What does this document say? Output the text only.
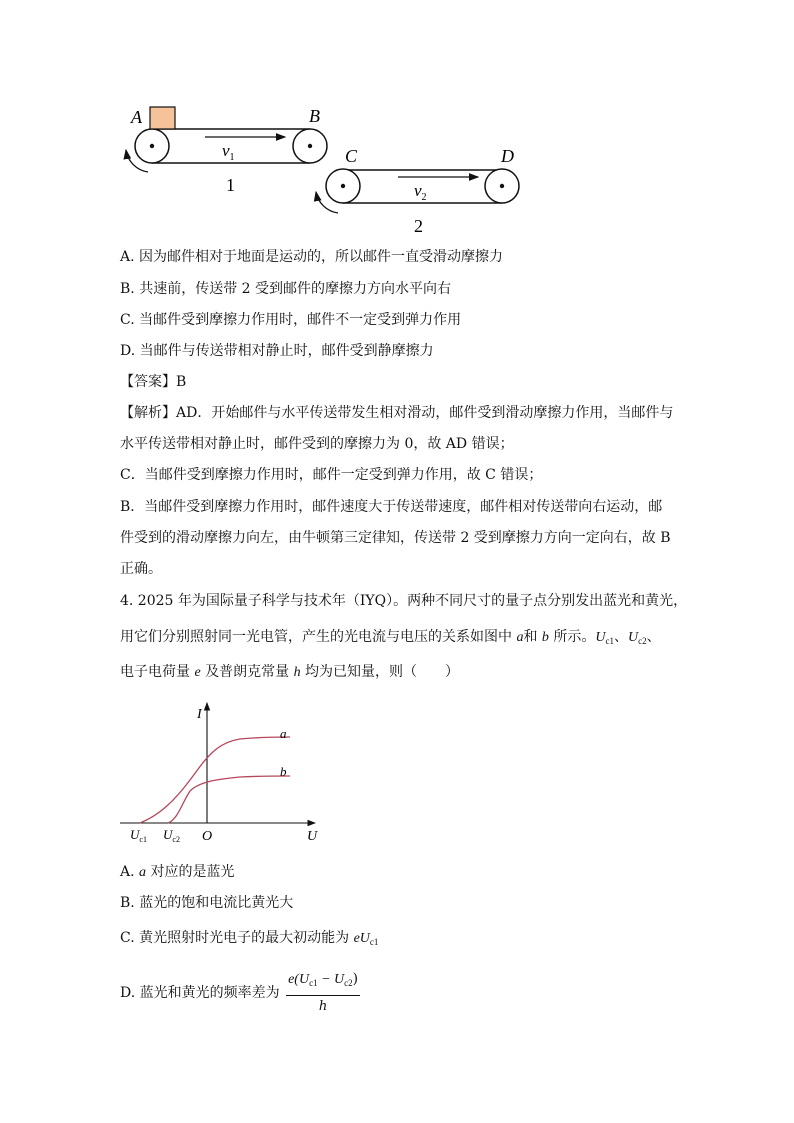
A	B
$v_1$
1
C	D
$v_2$
2
A. 因为邮件相对于地面是运动的，所以邮件一直受滑动摩擦力
B. 共速前，传送带 2 受到邮件的摩擦力方向水平向右
C. 当邮件受到摩擦力作用时，邮件不一定受到弹力作用
D. 当邮件与传送带相对静止时，邮件受到静摩擦力
【答案】B
【解析】AD．开始邮件与水平传送带发生相对滑动，邮件受到滑动摩擦力作用，当邮件与
水平传送带相对静止时，邮件受到的摩擦力为 0，故 AD 错误；
C．当邮件受到摩擦力作用时，邮件一定受到弹力作用，故 C 错误；
B．当邮件受到摩擦力作用时，邮件速度大于传送带速度，邮件相对传送带向右运动，邮
件受到的滑动摩擦力向左，由牛顿第三定律知，传送带 2 受到摩擦力方向一定向右，故 B
正确。
4. 2025 年为国际量子科学与技术年（IYQ）。两种不同尺寸的量子点分别发出蓝光和黄光，
用它们分别照射同一光电管，产生的光电流与电压的关系如图中 a和 b 所示。$U_{c1}$、$U_{c2}$、
电子电荷量 e 及普朗克常量 h 均为已知量，则（　　）
I
U
O
a
b
$U_{c1}$ $U_{c2}$
A. a 对应的是蓝光
B. 蓝光的饱和电流比黄光大
C. 黄光照射时光电子的最大初动能为 $eU_{c1}$
D. 蓝光和黄光的频率差为 $\frac{e(U_{c1} - U_{c2})}{h}$
